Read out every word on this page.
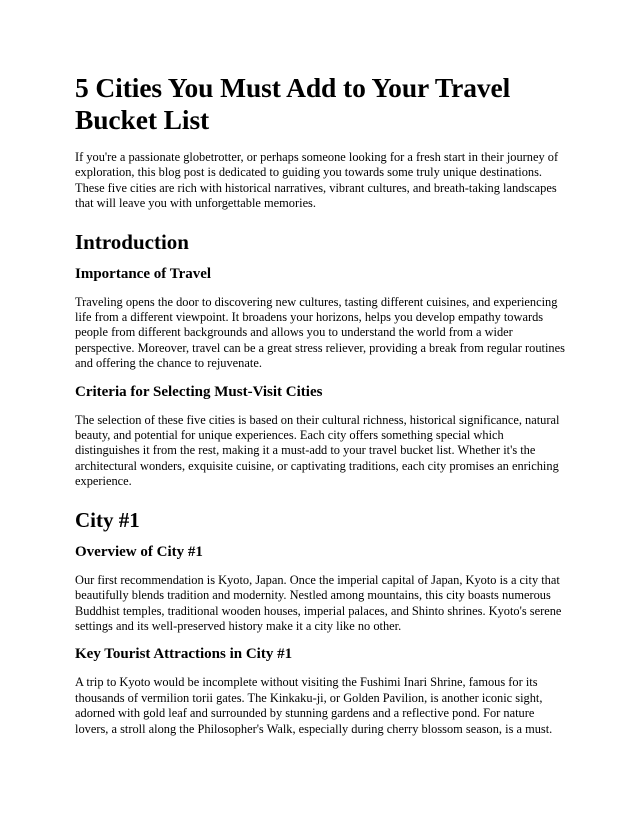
5 Cities You Must Add to Your Travel Bucket List

If you're a passionate globetrotter, or perhaps someone looking for a fresh start in their journey of exploration, this blog post is dedicated to guiding you towards some truly unique destinations. These five cities are rich with historical narratives, vibrant cultures, and breath-taking landscapes that will leave you with unforgettable memories.

Introduction
Importance of Travel

Traveling opens the door to discovering new cultures, tasting different cuisines, and experiencing life from a different viewpoint. It broadens your horizons, helps you develop empathy towards people from different backgrounds and allows you to understand the world from a wider perspective. Moreover, travel can be a great stress reliever, providing a break from regular routines and offering the chance to rejuvenate.

Criteria for Selecting Must-Visit Cities

The selection of these five cities is based on their cultural richness, historical significance, natural beauty, and potential for unique experiences. Each city offers something special which distinguishes it from the rest, making it a must-add to your travel bucket list. Whether it's the architectural wonders, exquisite cuisine, or captivating traditions, each city promises an enriching experience.

City #1
Overview of City #1

Our first recommendation is Kyoto, Japan. Once the imperial capital of Japan, Kyoto is a city that beautifully blends tradition and modernity. Nestled among mountains, this city boasts numerous Buddhist temples, traditional wooden houses, imperial palaces, and Shinto shrines. Kyoto's serene settings and its well-preserved history make it a city like no other.

Key Tourist Attractions in City #1

A trip to Kyoto would be incomplete without visiting the Fushimi Inari Shrine, famous for its thousands of vermilion torii gates. The Kinkaku-ji, or Golden Pavilion, is another iconic sight, adorned with gold leaf and surrounded by stunning gardens and a reflective pond. For nature lovers, a stroll along the Philosopher's Walk, especially during cherry blossom season, is a must.
